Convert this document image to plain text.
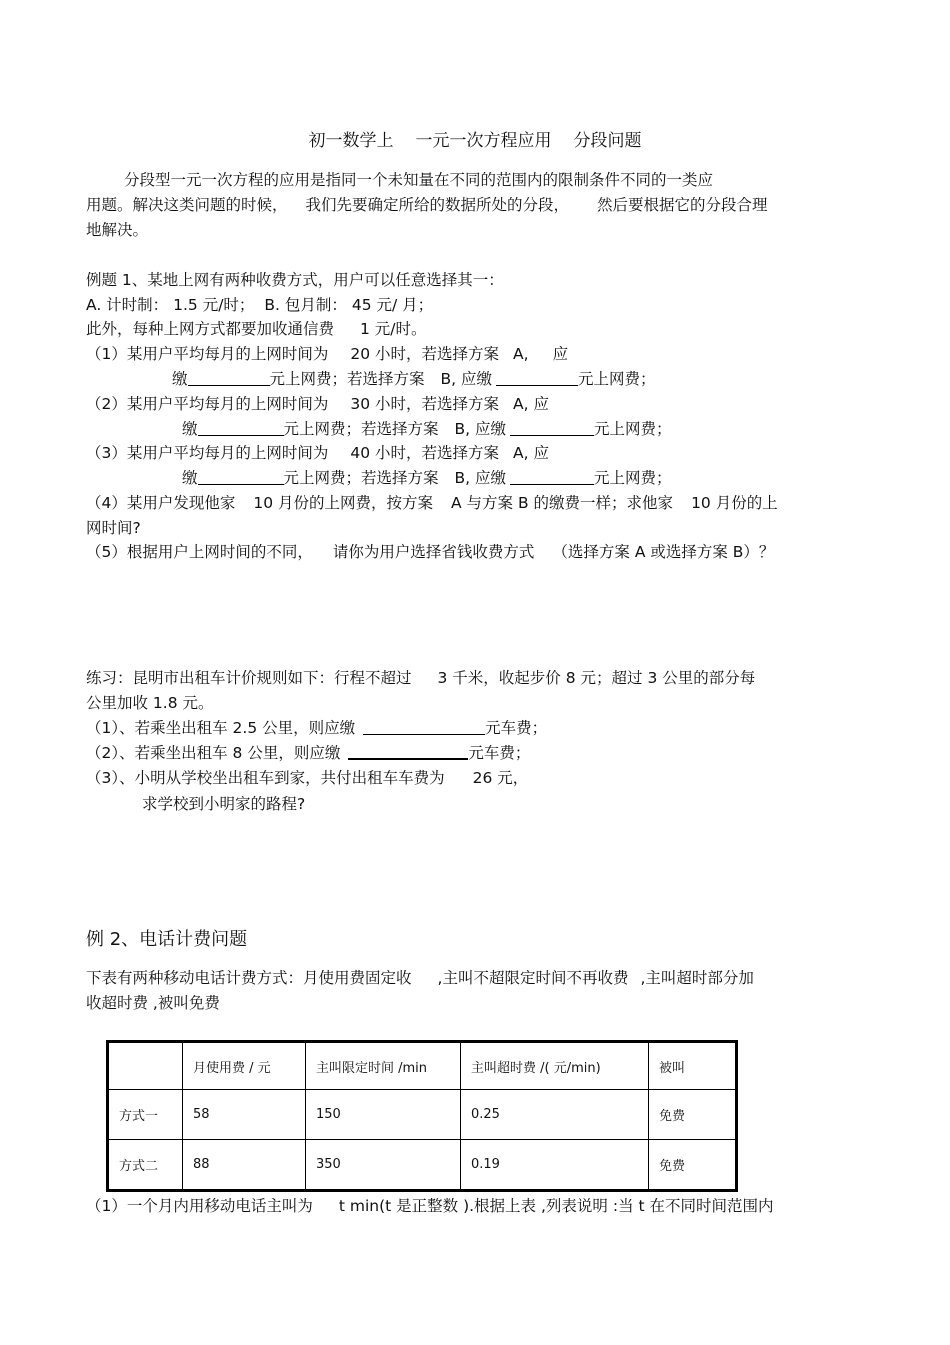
初一数学上 一元一次方程应用 分段问题
分段型一元一次方程的应用是指同一个未知量在不同的范围内的限制条件不同的一类应
用题。解决这类问题的时候， 我们先要确定所给的数据所处的分段， 然后要根据它的分段合理
地解决。
例题 1、某地上网有两种收费方式，用户可以任意选择其一：
A. 计时制： 1.5 元/时； B. 包月制： 45 元/ 月；
此外，每种上网方式都要加收通信费 1 元/时。
（1）某用户平均每月的上网时间为 20 小时，若选择方案 A, 应
缴	元上网费；若选择方案 B, 应缴	元上网费；
（2）某用户平均每月的上网时间为 30 小时，若选择方案 A, 应
缴	元上网费；若选择方案 B, 应缴	元上网费；
（3）某用户平均每月的上网时间为 40 小时，若选择方案 A, 应
缴	元上网费；若选择方案 B, 应缴	元上网费；
（4）某用户发现他家 10 月份的上网费，按方案 A 与方案 B 的缴费一样；求他家 10 月份的上
网时间?
（5）根据用户上网时间的不同， 请你为用户选择省钱收费方式 （选择方案 A 或选择方案 B）？
练习：昆明市出租车计价规则如下：行程不超过 3 千米，收起步价 8 元；超过 3 公里的部分每
公里加收 1.8 元。
（1）、若乘坐出租车 2.5 公里，则应缴	元车费；
（2）、若乘坐出租车 8 公里，则应缴	元车费；
（3）、小明从学校坐出租车到家，共付出租车车费为 26 元，
求学校到小明家的路程?
例 2、电话计费问题
下表有两种移动电话计费方式：月使用费固定收 ,主叫不超限定时间不再收费 ,主叫超时部分加
收超时费 ,被叫免费
	月使用费 / 元	主叫限定时间 /min	主叫超时费 /( 元/min)	被叫
方式一	58	150	0.25	免费
方式二	88	350	0.19	免费
（1）一个月内用移动电话主叫为 t min(t 是正整数 ).根据上表 ,列表说明 :当 t 在不同时间范围内
